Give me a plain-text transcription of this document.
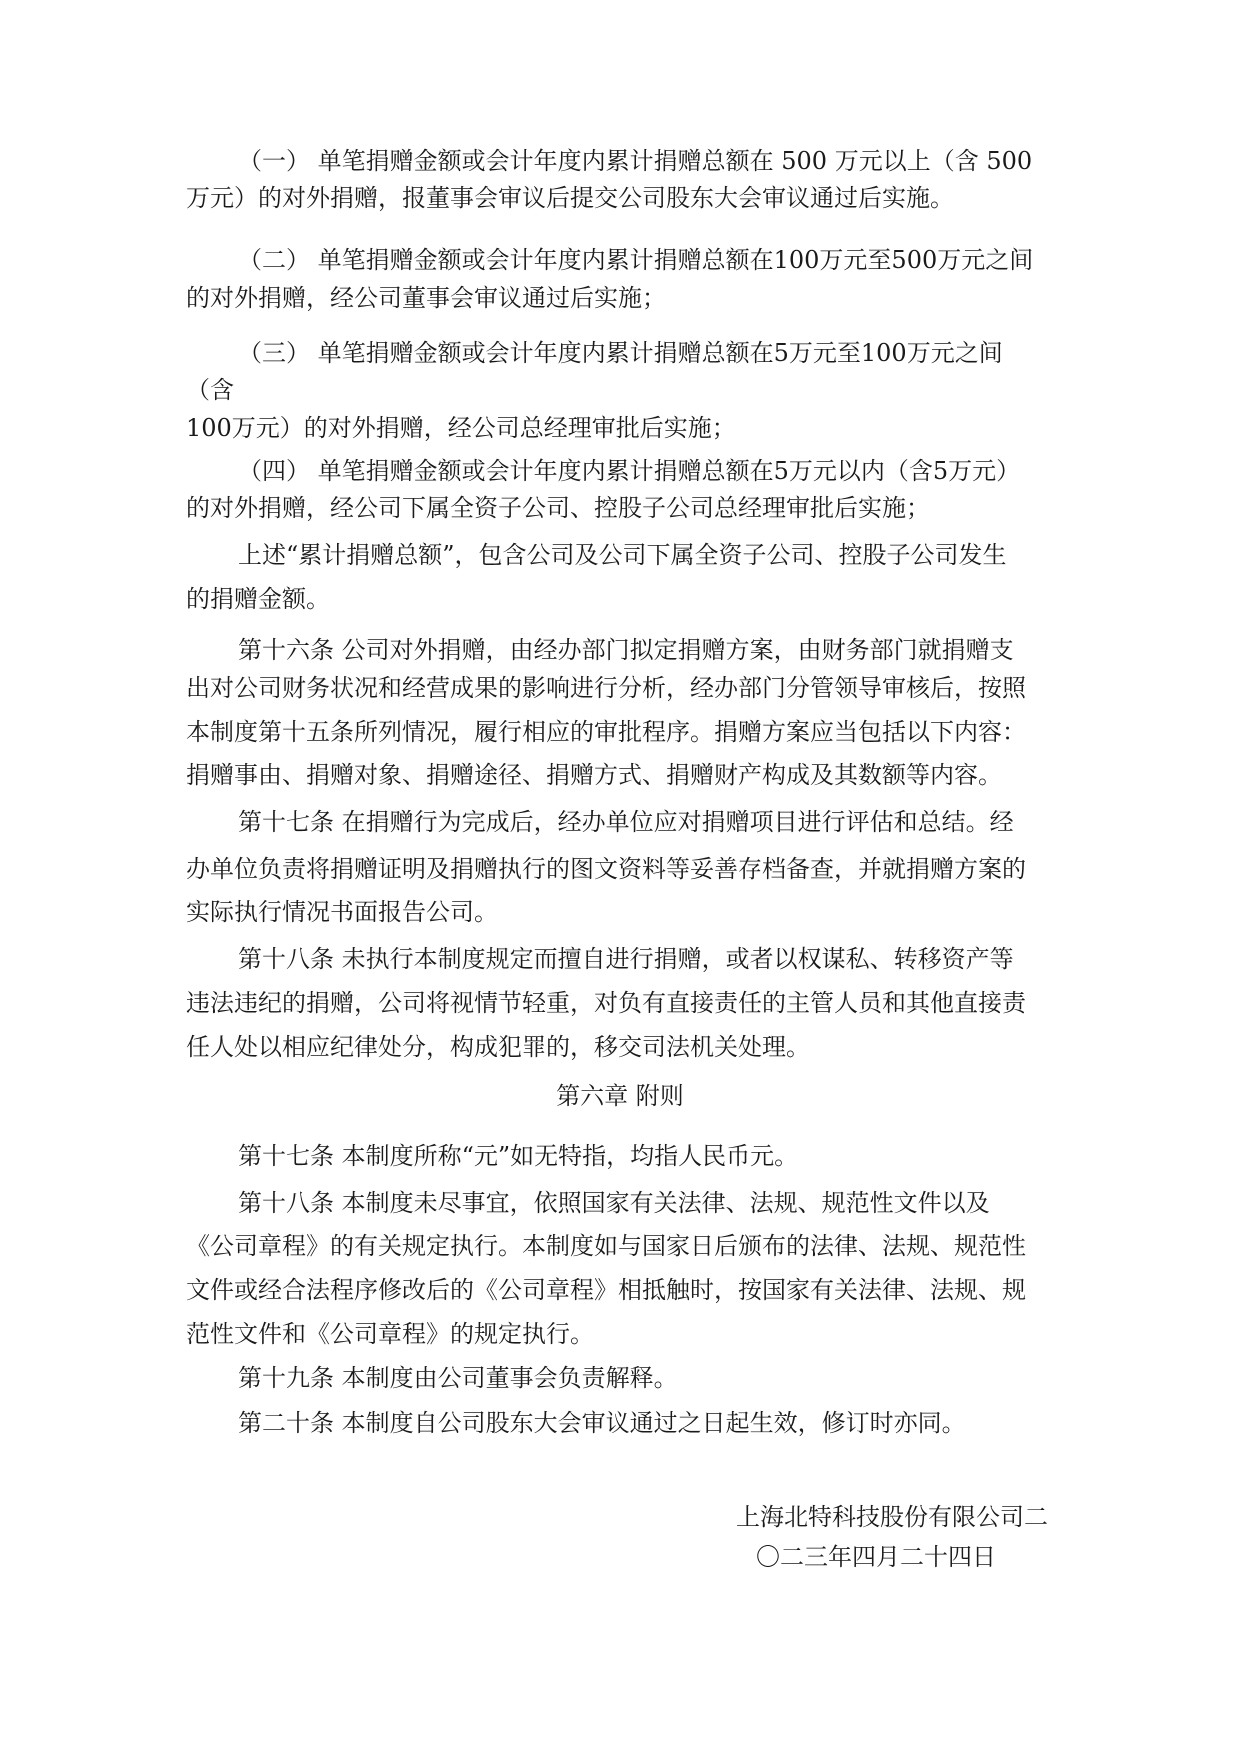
（一） 单笔捐赠金额或会计年度内累计捐赠总额在 500 万元以上（含 500

万元）的对外捐赠，报董事会审议后提交公司股东大会审议通过后实施。

（二） 单笔捐赠金额或会计年度内累计捐赠总额在100万元至500万元之间

的对外捐赠，经公司董事会审议通过后实施；

（三） 单笔捐赠金额或会计年度内累计捐赠总额在5万元至100万元之间

（含

100万元）的对外捐赠，经公司总经理审批后实施；

（四） 单笔捐赠金额或会计年度内累计捐赠总额在5万元以内（含5万元）

的对外捐赠，经公司下属全资子公司、控股子公司总经理审批后实施；

上述“累计捐赠总额”，包含公司及公司下属全资子公司、控股子公司发生

的捐赠金额。

第十六条 公司对外捐赠，由经办部门拟定捐赠方案，由财务部门就捐赠支

出对公司财务状况和经营成果的影响进行分析，经办部门分管领导审核后，按照

本制度第十五条所列情况，履行相应的审批程序。捐赠方案应当包括以下内容：

捐赠事由、捐赠对象、捐赠途径、捐赠方式、捐赠财产构成及其数额等内容。

第十七条 在捐赠行为完成后，经办单位应对捐赠项目进行评估和总结。经

办单位负责将捐赠证明及捐赠执行的图文资料等妥善存档备查，并就捐赠方案的

实际执行情况书面报告公司。

第十八条 未执行本制度规定而擅自进行捐赠，或者以权谋私、转移资产等

违法违纪的捐赠，公司将视情节轻重，对负有直接责任的主管人员和其他直接责

任人处以相应纪律处分，构成犯罪的，移交司法机关处理。

第六章 附则

第十七条 本制度所称“元”如无特指，均指人民币元。

第十八条 本制度未尽事宜，依照国家有关法律、法规、规范性文件以及

《公司章程》的有关规定执行。本制度如与国家日后颁布的法律、法规、规范性

文件或经合法程序修改后的《公司章程》相抵触时，按国家有关法律、法规、规

范性文件和《公司章程》的规定执行。

第十九条 本制度由公司董事会负责解释。

第二十条 本制度自公司股东大会审议通过之日起生效，修订时亦同。

上海北特科技股份有限公司二

〇二三年四月二十四日
